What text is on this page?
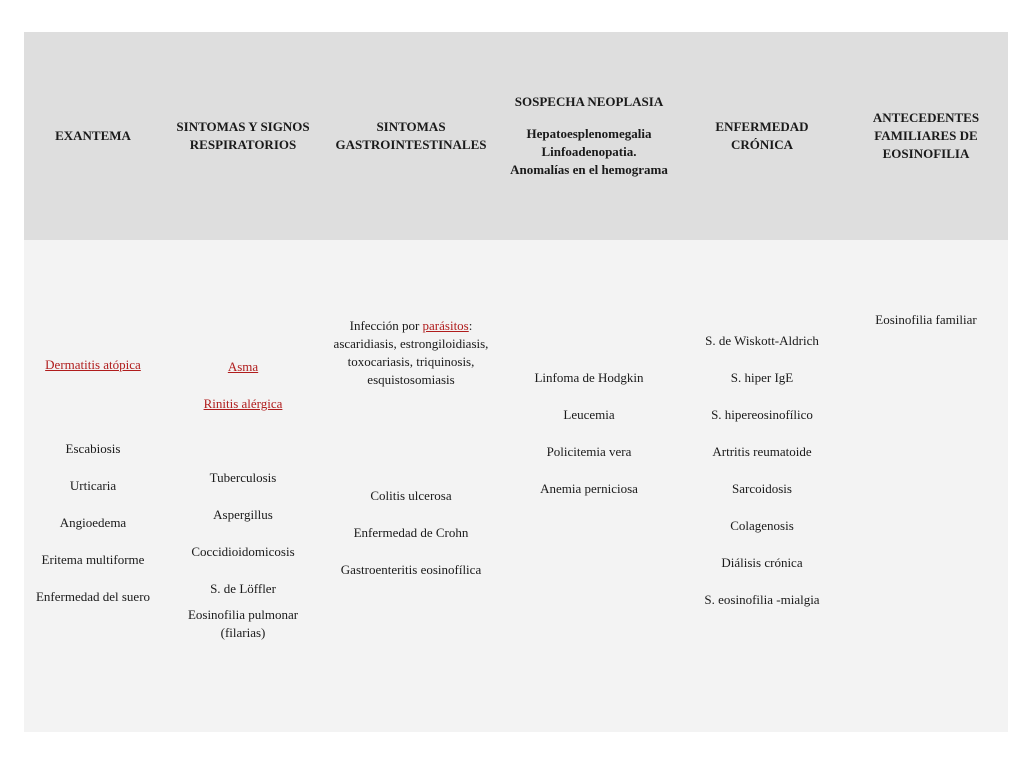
EXANTEMA
SINTOMAS Y SIGNOS
RESPIRATORIOS
SINTOMAS
GASTROINTESTINALES
SOSPECHA NEOPLASIA
Hepatoesplenomegalia
Linfoadenopatia.
Anomalías en el hemograma
ENFERMEDAD
CRÓNICA
ANTECEDENTES
FAMILIARES DE
EOSINOFILIA
Dermatitis atópica
Escabiosis
Urticaria
Angioedema
Eritema multiforme
Enfermedad del suero
Asma
Rinitis alérgica
Tuberculosis
Aspergillus
Coccidioidomicosis
S. de Löffler
Eosinofilia pulmonar
(filarias)
Infección por parásitos:
ascaridiasis, estrongiloidiasis,
toxocariasis, triquinosis,
esquistosomiasis
Colitis ulcerosa
Enfermedad de Crohn
Gastroenteritis eosinofílica
Linfoma de Hodgkin
Leucemia
Policitemia vera
Anemia perniciosa
S. de Wiskott-Aldrich
S. hiper IgE
S. hipereosinofílico
Artritis reumatoide
Sarcoidosis
Colagenosis
Diálisis crónica
S. eosinofilia -mialgia
Eosinofilia familiar
